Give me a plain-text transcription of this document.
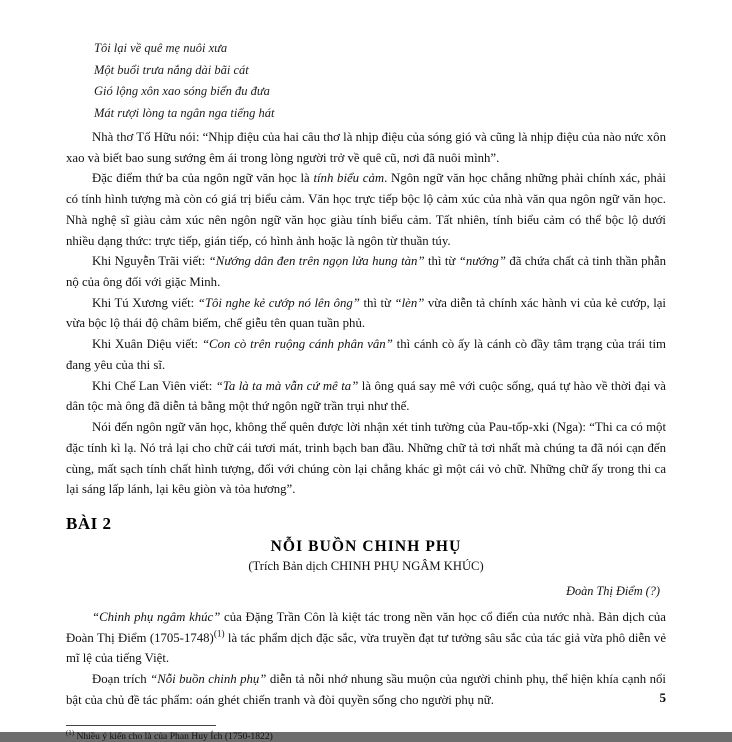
Tôi lại về quê mẹ nuôi xưa
Một buổi trưa nắng dài bãi cát
Gió lộng xôn xao sóng biển đu đưa
Mát rượi lòng ta ngân nga tiếng hát

Nhà thơ Tố Hữu nói: “Nhịp điệu của hai câu thơ là nhịp điệu của sóng gió và cũng là nhịp điệu của nào nức xôn xao và biết bao sung sướng êm ái trong lòng người trở về quê cũ, nơi đã nuôi mình”.

Đặc điểm thứ ba của ngôn ngữ văn học là tính biểu cảm. Ngôn ngữ văn học chẳng những phải chính xác, phải có tính hình tượng mà còn có giá trị biểu cảm. Văn học trực tiếp bộc lộ cảm xúc của nhà văn qua ngôn ngữ văn học. Nhà nghệ sĩ giàu cảm xúc nên ngôn ngữ văn học giàu tính biểu cảm. Tất nhiên, tính biểu cảm có thể bộc lộ dưới nhiều dạng thức: trực tiếp, gián tiếp, có hình ảnh hoặc là ngôn từ thuần túy.

Khi Nguyễn Trãi viết: “Nướng dân đen trên ngọn lửa hung tàn” thì từ “nướng” đã chứa chất cả tinh thần phẫn nộ của ông đối với giặc Minh.

Khi Tú Xương viết: “Tôi nghe kẻ cướp nó lên ông” thì từ “lèn” vừa diễn tả chính xác hành vi của kẻ cướp, lại vừa bộc lộ thái độ châm biếm, chế giễu tên quan tuần phủ.

Khi Xuân Diệu viết: “Con cò trên ruộng cánh phân vân” thì cánh cò ấy là cánh cò đầy tâm trạng của trái tim đang yêu của thi sĩ.

Khi Chế Lan Viên viết: “Ta là ta mà vẫn cứ mê ta” là ông quá say mê với cuộc sống, quá tự hào về thời đại và dân tộc mà ông đã diễn tả bằng một thứ ngôn ngữ trần trụi như thế.

Nói đến ngôn ngữ văn học, không thể quên được lời nhận xét tinh tường của Pau-tốp-xki (Nga): “Thi ca có một đặc tính kì lạ. Nó trả lại cho chữ cái tươi mát, trinh bạch ban đầu. Những chữ tả tơi nhất mà chúng ta đã nói cạn đến cùng, mất sạch tính chất hình tượng, đối với chúng còn lại chẳng khác gì một cái vỏ chữ. Những chữ ấy trong thi ca lại sáng lấp lánh, lại kêu giòn và tỏa hương”.

BÀI 2
NỖI BUỒN CHINH PHỤ
(Trích Bản dịch CHINH PHỤ NGÂM KHÚC)
Đoàn Thị Điểm (?)

“Chinh phụ ngâm khúc” của Đặng Trần Côn là kiệt tác trong nền văn học cổ điển của nước nhà. Bản dịch của Đoàn Thị Điểm (1705-1748)$^{(1)}$ là tác phẩm dịch đặc sắc, vừa truyền đạt tư tưởng sâu sắc của tác giả vừa phô diễn vẻ mĩ lệ của tiếng Việt.

Đoạn trích “Nỗi buồn chinh phụ” diễn tả nỗi nhớ nhung sầu muộn của người chinh phụ, thể hiện khía cạnh nổi bật của chủ đề tác phẩm: oán ghét chiến tranh và đòi quyền sống cho người phụ nữ.

$^{(1)}$ Nhiều ý kiến cho là của Phan Huy Ích (1750-1822)

5
